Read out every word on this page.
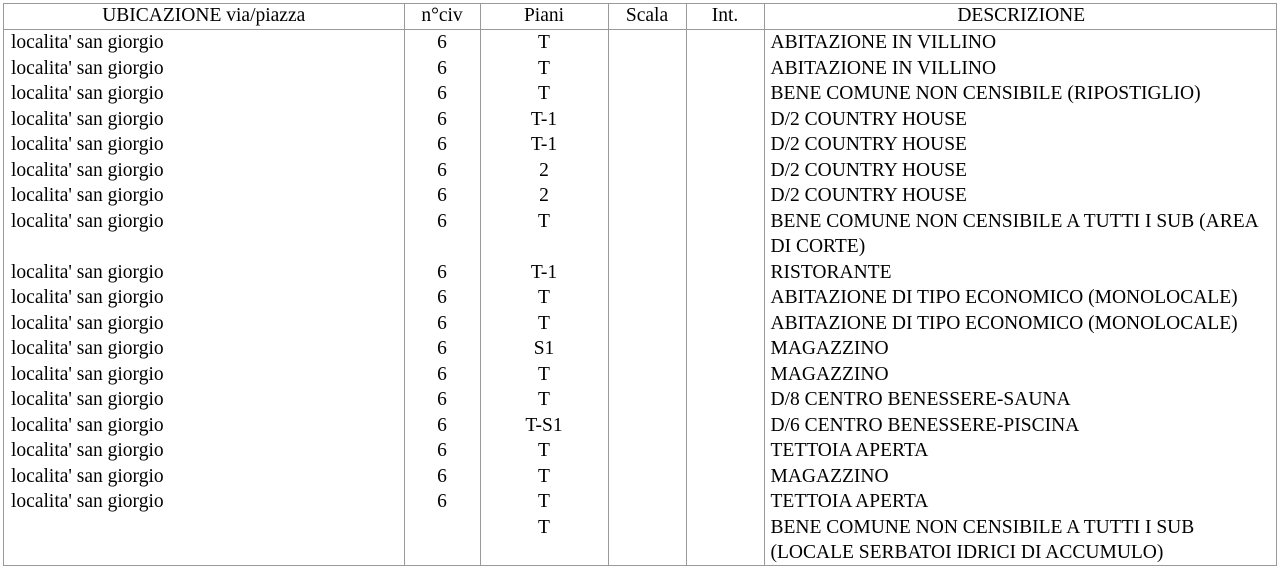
UBICAZIONE via/piazza	n°civ	Piani	Scala	Int.	DESCRIZIONE
localita' san giorgio	6	T			ABITAZIONE IN VILLINO
localita' san giorgio	6	T			ABITAZIONE IN VILLINO
localita' san giorgio	6	T			BENE COMUNE NON CENSIBILE (RIPOSTIGLIO)
localita' san giorgio	6	T-1			D/2 COUNTRY HOUSE
localita' san giorgio	6	T-1			D/2 COUNTRY HOUSE
localita' san giorgio	6	2			D/2 COUNTRY HOUSE
localita' san giorgio	6	2			D/2 COUNTRY HOUSE
localita' san giorgio	6	T			BENE COMUNE NON CENSIBILE A TUTTI I SUB (AREA DI CORTE)
localita' san giorgio	6	T-1			RISTORANTE
localita' san giorgio	6	T			ABITAZIONE DI TIPO ECONOMICO (MONOLOCALE)
localita' san giorgio	6	T			ABITAZIONE DI TIPO ECONOMICO (MONOLOCALE)
localita' san giorgio	6	S1			MAGAZZINO
localita' san giorgio	6	T			MAGAZZINO
localita' san giorgio	6	T			D/8 CENTRO BENESSERE-SAUNA
localita' san giorgio	6	T-S1			D/6 CENTRO BENESSERE-PISCINA
localita' san giorgio	6	T			TETTOIA APERTA
localita' san giorgio	6	T			MAGAZZINO
localita' san giorgio	6	T			TETTOIA APERTA
		T			BENE COMUNE NON CENSIBILE A TUTTI I SUB (LOCALE SERBATOI IDRICI DI ACCUMULO)
